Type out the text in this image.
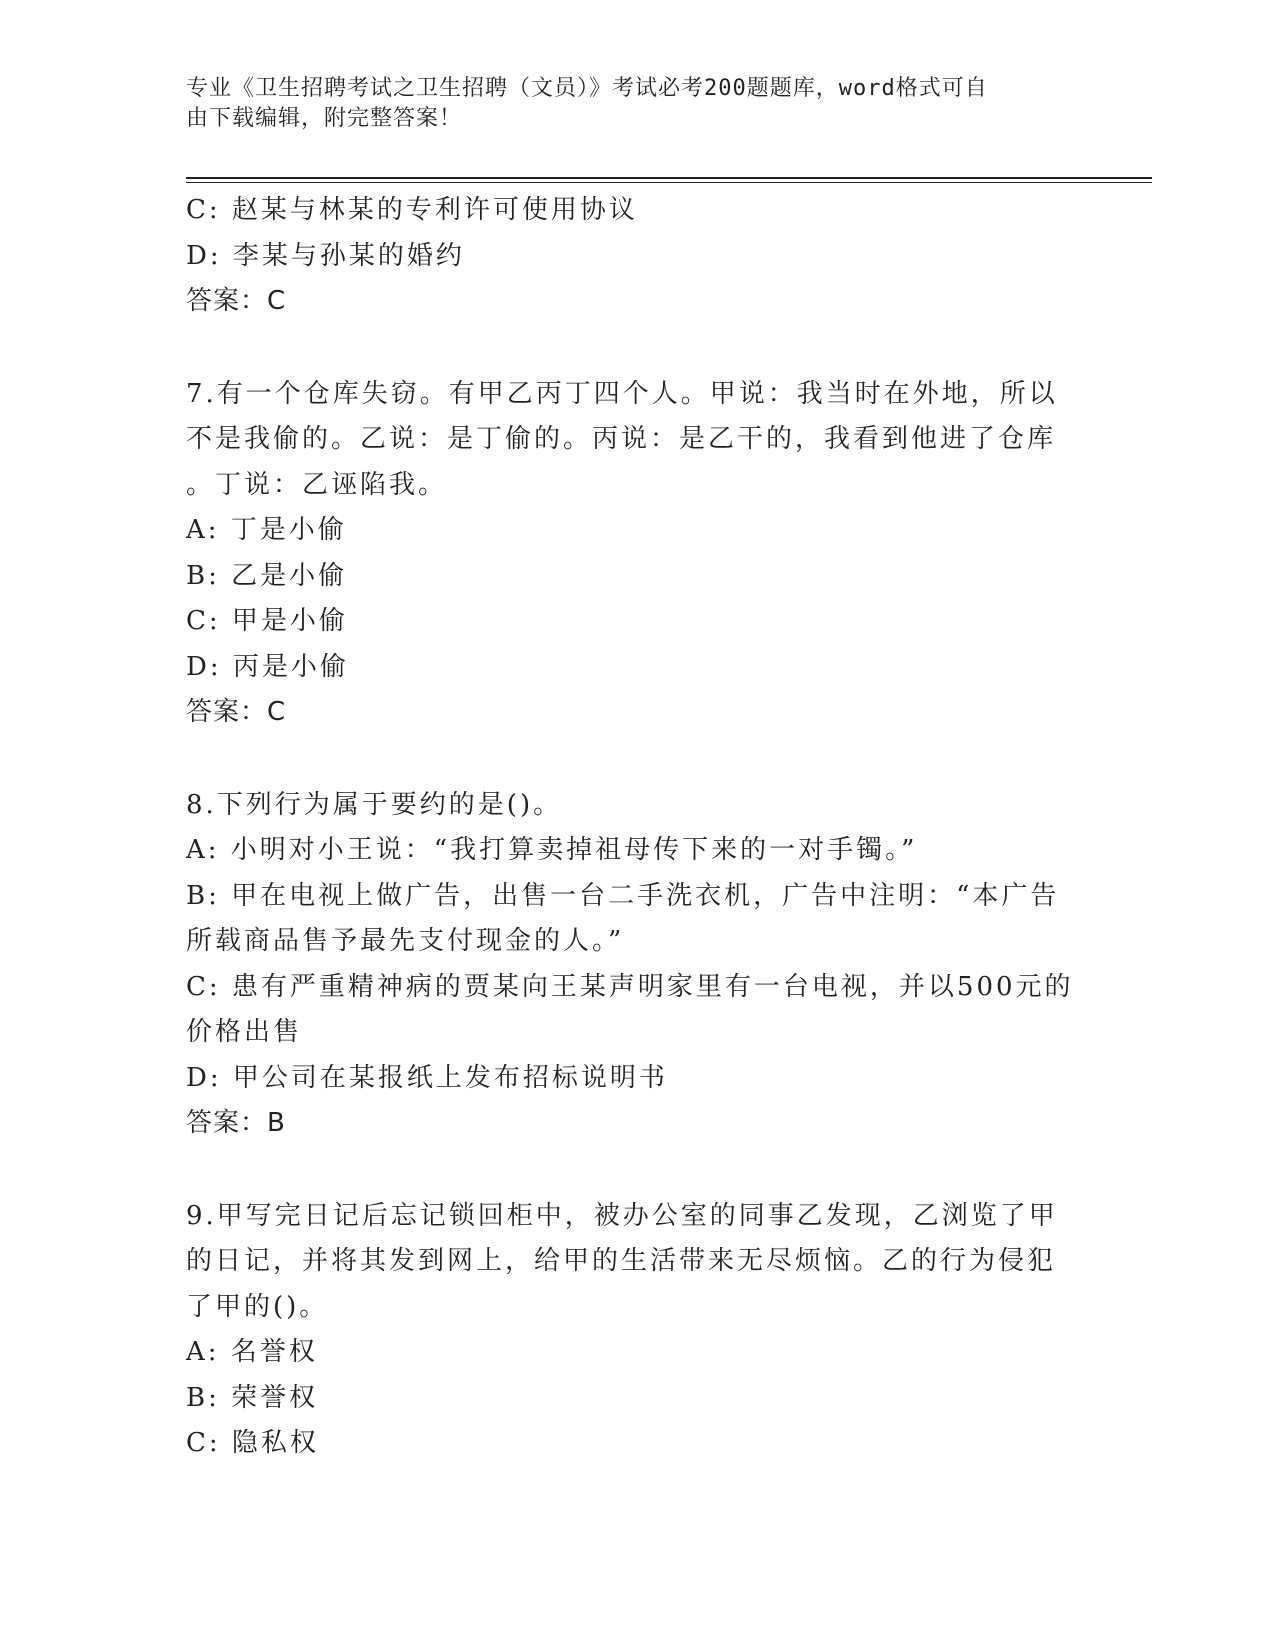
专业《卫生招聘考试之卫生招聘（文员）》考试必考200题题库，word格式可自
由下载编辑，附完整答案！
C: 赵某与林某的专利许可使用协议
D: 李某与孙某的婚约
答案：C
7.有一个仓库失窃。有甲乙丙丁四个人。甲说：我当时在外地，所以
不是我偷的。乙说：是丁偷的。丙说：是乙干的，我看到他进了仓库
。丁说：乙诬陷我。
A: 丁是小偷
B: 乙是小偷
C: 甲是小偷
D: 丙是小偷
答案：C
8.下列行为属于要约的是()。
A: 小明对小王说：“我打算卖掉祖母传下来的一对手镯。”
B: 甲在电视上做广告，出售一台二手洗衣机，广告中注明：“本广告
所载商品售予最先支付现金的人。”
C: 患有严重精神病的贾某向王某声明家里有一台电视，并以500元的
价格出售
D: 甲公司在某报纸上发布招标说明书
答案：B
9.甲写完日记后忘记锁回柜中，被办公室的同事乙发现，乙浏览了甲
的日记，并将其发到网上，给甲的生活带来无尽烦恼。乙的行为侵犯
了甲的()。
A: 名誉权
B: 荣誉权
C: 隐私权
